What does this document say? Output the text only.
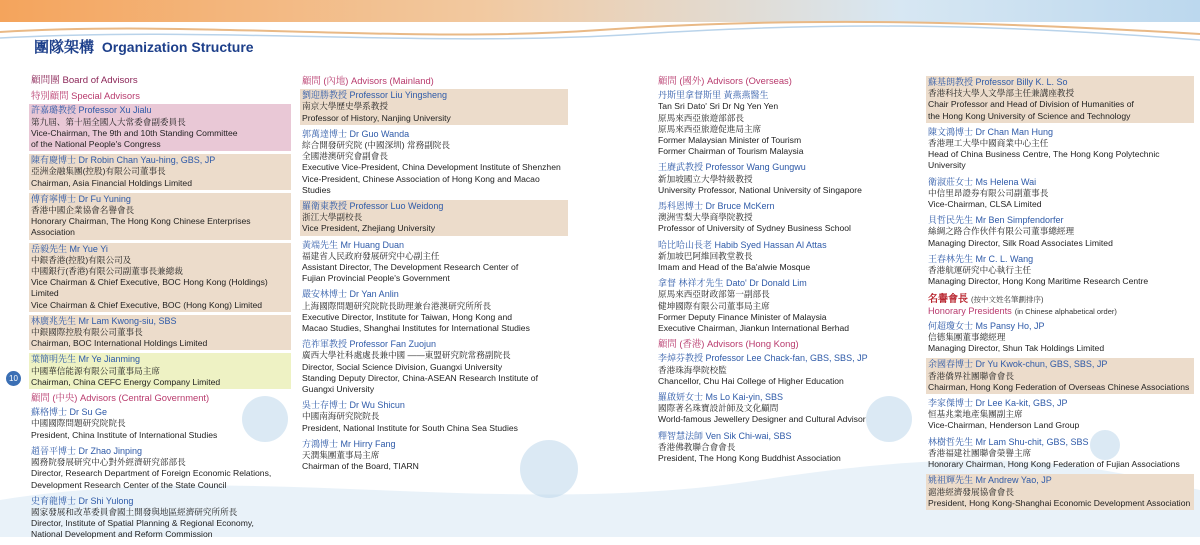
團隊架構 Organization Structure
10
顧問團 Board of Advisors
特別顧問 Special Advisors
許嘉璐教授 Professor Xu Jialu
第九屆、第十屆全國人大常委會副委員長
Vice-Chairman, The 9th and 10th Standing Committee
of the National People's Congress
陳有慶博士 Dr Robin Chan Yau-hing, GBS, JP
亞洲金融集團(控股)有限公司董事長
Chairman, Asia Financial Holdings Limited
傅育寧博士 Dr Fu Yuning
香港中國企業協會名譽會長
Honorary Chairman, The Hong Kong Chinese Enterprises Association
岳毅先生 Mr Yue Yi
中銀香港(控股)有限公司及
中國銀行(香港)有限公司副董事長兼總裁
Vice Chairman & Chief Executive, BOC Hong Kong (Holdings) Limited
Vice Chairman & Chief Executive, BOC (Hong Kong) Limited
林廣兆先生 Mr Lam Kwong-siu, SBS
中銀國際控股有限公司董事長
Chairman, BOC International Holdings Limited
葉簡明先生 Mr Ye Jianming
中國華信能源有限公司董事局主席
Chairman, China CEFC Energy Company Limited
顧問 (中央) Advisors (Central Government)
蘇格博士 Dr Su Ge
中國國際問題研究院院長
President, China Institute of International Studies
趙晉平博士 Dr Zhao Jinping
國務院發展研究中心對外經濟研究部部長
Director, Research Department of Foreign Economic Relations,
Development Research Center of the State Council
史育龍博士 Dr Shi Yulong
國家發展和改革委員會國土開發與地區經濟研究所所長
Director, Institute of Spatial Planning & Regional Economy,
National Development and Reform Commission
顧問 (內地) Advisors (Mainland)
劉迎勝教授 Professor Liu Yingsheng
南京大學歷史學系教授
Professor of History, Nanjing University
郭萬達博士 Dr Guo Wanda
綜合開發研究院 (中國深圳) 常務副院長
全國港澳研究會副會長
Executive Vice-President, China Development Institute of Shenzhen
Vice-President, Chinese Association of Hong Kong and Macao Studies
羅衛東教授 Professor Luo Weidong
浙江大學副校長
Vice President, Zhejiang University
黃端先生 Mr Huang Duan
福建省人民政府發展研究中心副主任
Assistant Director, The Development Research Center of
Fujian Provincial People's Government
嚴安林博士 Dr Yan Anlin
上海國際問題研究院院長助理兼台港澳研究所所長
Executive Director, Institute for Taiwan, Hong Kong and
Macao Studies, Shanghai Institutes for International Studies
范祚軍教授 Professor Fan Zuojun
廣西大學社科處處長兼中國 ——東盟研究院常務副院長
Director, Social Science Division, Guangxi University
Standing Deputy Director, China-ASEAN Research Institute of
Guangxi University
吳士存博士 Dr Wu Shicun
中國南海研究院院長
President, National Institute for South China Sea Studies
方鴻博士 Mr Hirry Fang
天潤集團董事局主席
Chairman of the Board, TIARN
顧問 (國外) Advisors (Overseas)
丹斯里拿督斯里 黃燕燕醫生
Tan Sri Dato' Sri Dr Ng Yen Yen
原馬來西亞旅遊部部長
原馬來西亞旅遊促進局主席
Former Malaysian Minister of Tourism
Former Chairman of Tourism Malaysia
王賡武教授 Professor Wang Gungwu
新加坡國立大學特級教授
University Professor, National University of Singapore
馬科恩博士 Dr Bruce McKern
澳洲雪梨大學商學院教授
Professor of University of Sydney Business School
哈比哈山長老 Habib Syed Hassan Al Attas
新加坡巴阿維回教堂教長
Imam and Head of the Ba'alwie Mosque
拿督 林祥才先生 Dato' Dr Donald Lim
原馬來西亞財政部第一副部長
健坤國際有限公司董事局主席
Former Deputy Finance Minister of Malaysia
Executive Chairman, Jiankun International Berhad
顧問 (香港) Advisors (Hong Kong)
李焯芬教授 Professor Lee Chack-fan, GBS, SBS, JP
香港珠海學院校監
Chancellor, Chu Hai College of Higher Education
羅啟妍女士 Ms Lo Kai-yin, SBS
國際著名珠寶設計師及文化顧問
World-famous Jewellery Designer and Cultural Advisor
釋智慧法師 Ven Sik Chi-wai, SBS
香港佛教聯合會會長
President, The Hong Kong Buddhist Association
蘇基朗教授 Professor Billy K. L. So
香港科技大學人文學部主任兼講座教授
Chair Professor and Head of Division of Humanities of
the Hong Kong University of Science and Technology
陳文鴻博士 Dr Chan Man Hung
香港理工大學中國商業中心主任
Head of China Business Centre, The Hong Kong Polytechnic University
衛淑莊女士 Ms Helena Wai
中信里昂證券有限公司副董事長
Vice-Chairman, CLSA Limited
貝哲民先生 Mr Ben Simpfendorfer
絲綢之路合作伙伴有限公司董事總經理
Managing Director, Silk Road Associates Limited
王春林先生 Mr C. L. Wang
香港航運研究中心執行主任
Managing Director, Hong Kong Maritime Research Centre
名譽會長 (按中文姓名筆劃排序)
Honorary Presidents (in Chinese alphabetical order)
何超瓊女士 Ms Pansy Ho, JP
信德集團董事總經理
Managing Director, Shun Tak Holdings Limited
余國春博士 Dr Yu Kwok-chun, GBS, SBS, JP
香港僑界社團聯會會長
Chairman, Hong Kong Federation of Overseas Chinese Associations
李家傑博士 Dr Lee Ka-kit, GBS, JP
恒基兆業地產集團副主席
Vice-Chairman, Henderson Land Group
林樹哲先生 Mr Lam Shu-chit, GBS, SBS
香港福建社團聯會榮譽主席
Honorary Chairman, Hong Kong Federation of Fujian Associations
姚祖輝先生 Mr Andrew Yao, JP
滬港經濟發展協會會長
President, Hong Kong-Shanghai Economic Development Association
